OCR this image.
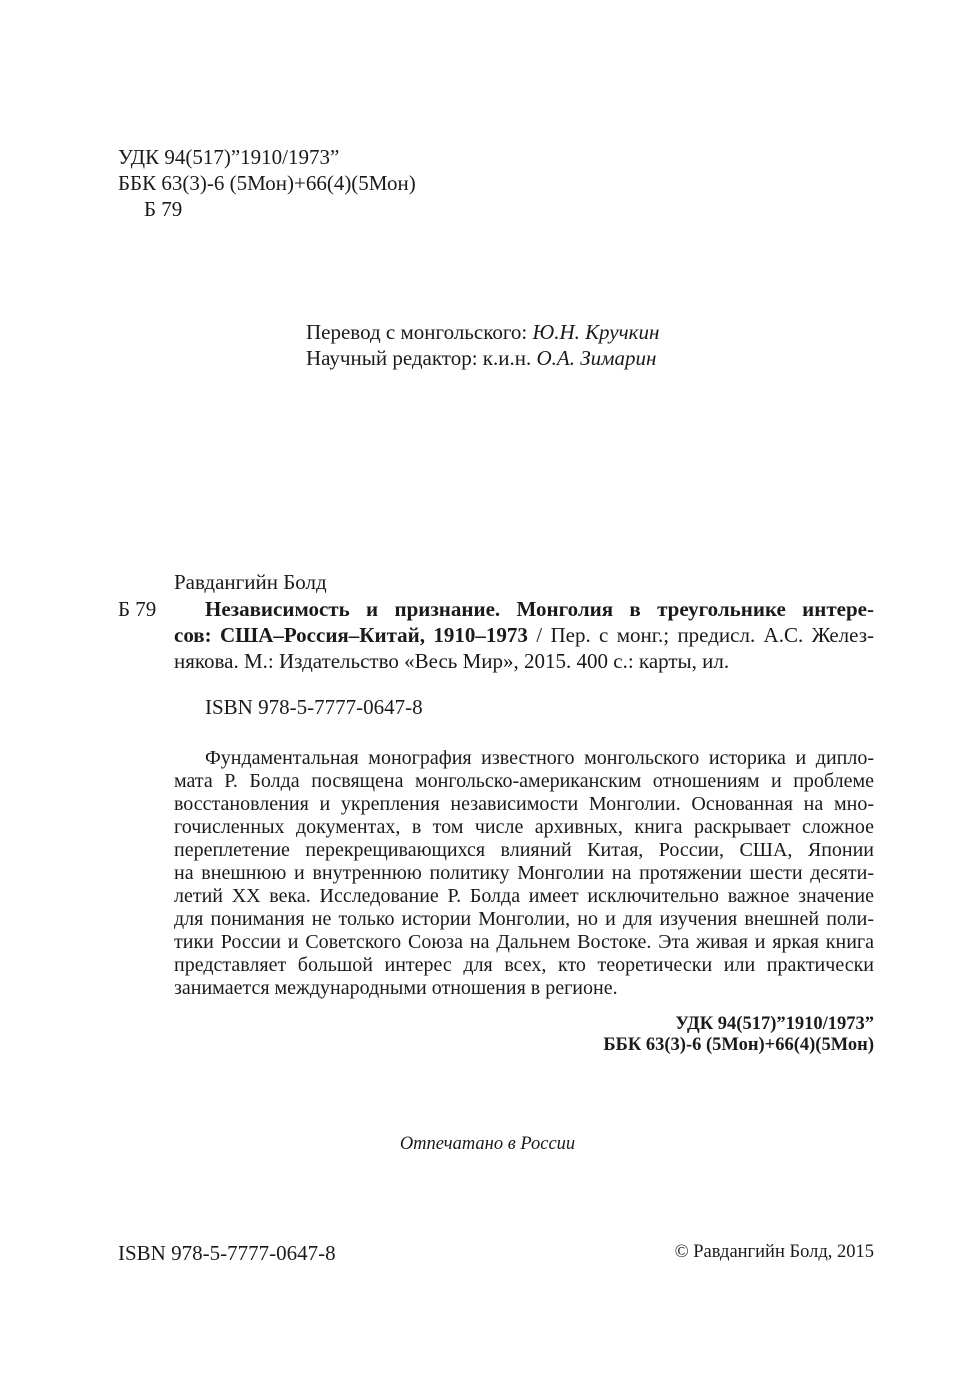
УДК 94(517)”1910/1973”
ББК 63(3)-6 (5Мон)+66(4)(5Мон)
Б 79
Перевод с монгольского: Ю.Н. Кручкин
Научный редактор: к.и.н. О.А. Зимарин
Равдангийн Болд
Б 79 Независимость и признание. Монголия в треугольнике интере-
сов: США–Россия–Китай, 1910–1973 / Пер. с монг.; предисл. А.С. Желез-
някова. М.: Издательство «Весь Мир», 2015. 400 с.: карты, ил.
ISBN 978-5-7777-0647-8
Фундаментальная монография известного монгольского историка и дипло-
мата Р. Болда посвящена монгольско-американским отношениям и проблеме
восстановления и укрепления независимости Монголии. Основанная на мно-
гочисленных документах, в том числе архивных, книга раскрывает сложное
переплетение перекрещивающихся влияний Китая, России, США, Японии
на внешнюю и внутреннюю политику Монголии на протяжении шести десяти-
летий XX века. Исследование Р. Болда имеет исключительно важное значение
для понимания не только истории Монголии, но и для изучения внешней поли-
тики России и Советского Союза на Дальнем Востоке. Эта живая и яркая книга
представляет большой интерес для всех, кто теоретически или практически
занимается международными отношения в регионе.
УДК 94(517)”1910/1973”
ББК 63(3)-6 (5Мон)+66(4)(5Мон)
Отпечатано в России
ISBN 978-5-7777-0647-8	© Равдангийн Болд, 2015
